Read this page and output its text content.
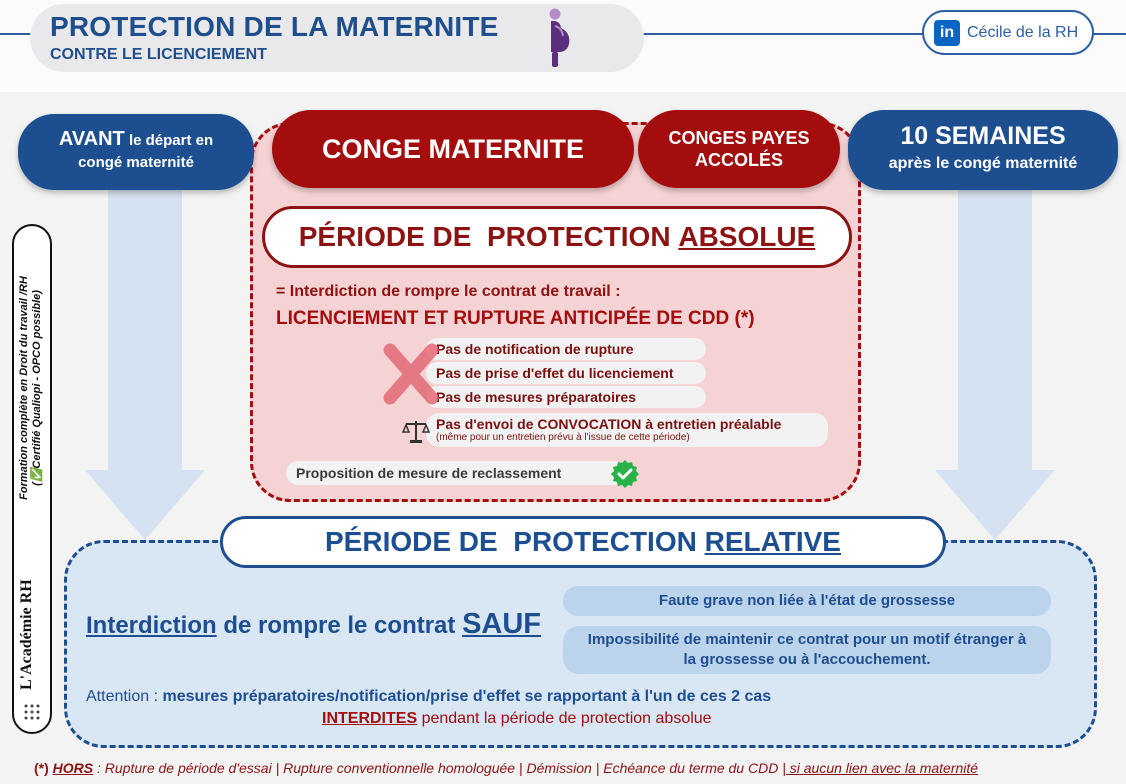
PROTECTION DE LA MATERNITE
CONTRE LE LICENCIEMENT
in Cécile de la RH
AVANT le départ en
congé maternité	CONGE MATERNITE	CONGES PAYES
ACCOLÉS
10 SEMAINES
après le congé maternité
PÉRIODE DE  PROTECTION ABSOLUE
= Interdiction de rompre le contrat de travail :
LICENCIEMENT ET RUPTURE ANTICIPÉE DE CDD (*)
Pas de notification de rupture
Pas de prise d'effet du licenciement
Pas de mesures préparatoires
Pas d'envoi de CONVOCATION à entretien préalable
(même pour un entretien prévu à l'issue de cette période)
Proposition de mesure de reclassement
PÉRIODE DE  PROTECTION RELATIVE
Interdiction de rompre le contrat SAUF
Faute grave non liée à l'état de grossesse
Impossibilité de maintenir ce contrat pour un motif étranger à la grossesse ou à l'accouchement.
Attention : mesures préparatoires/notification/prise d'effet se rapportant à l'un de ces 2 cas
INTERDITES pendant la période de protection absolue
Formation complète en Droit du travail /RH (✅Certifié Qualiopi - OPCO possible)
L'Académie RH
(*) HORS : Rupture de période d'essai | Rupture conventionnelle homologuée | Démission | Echéance du terme du CDD | si aucun lien avec la maternité
